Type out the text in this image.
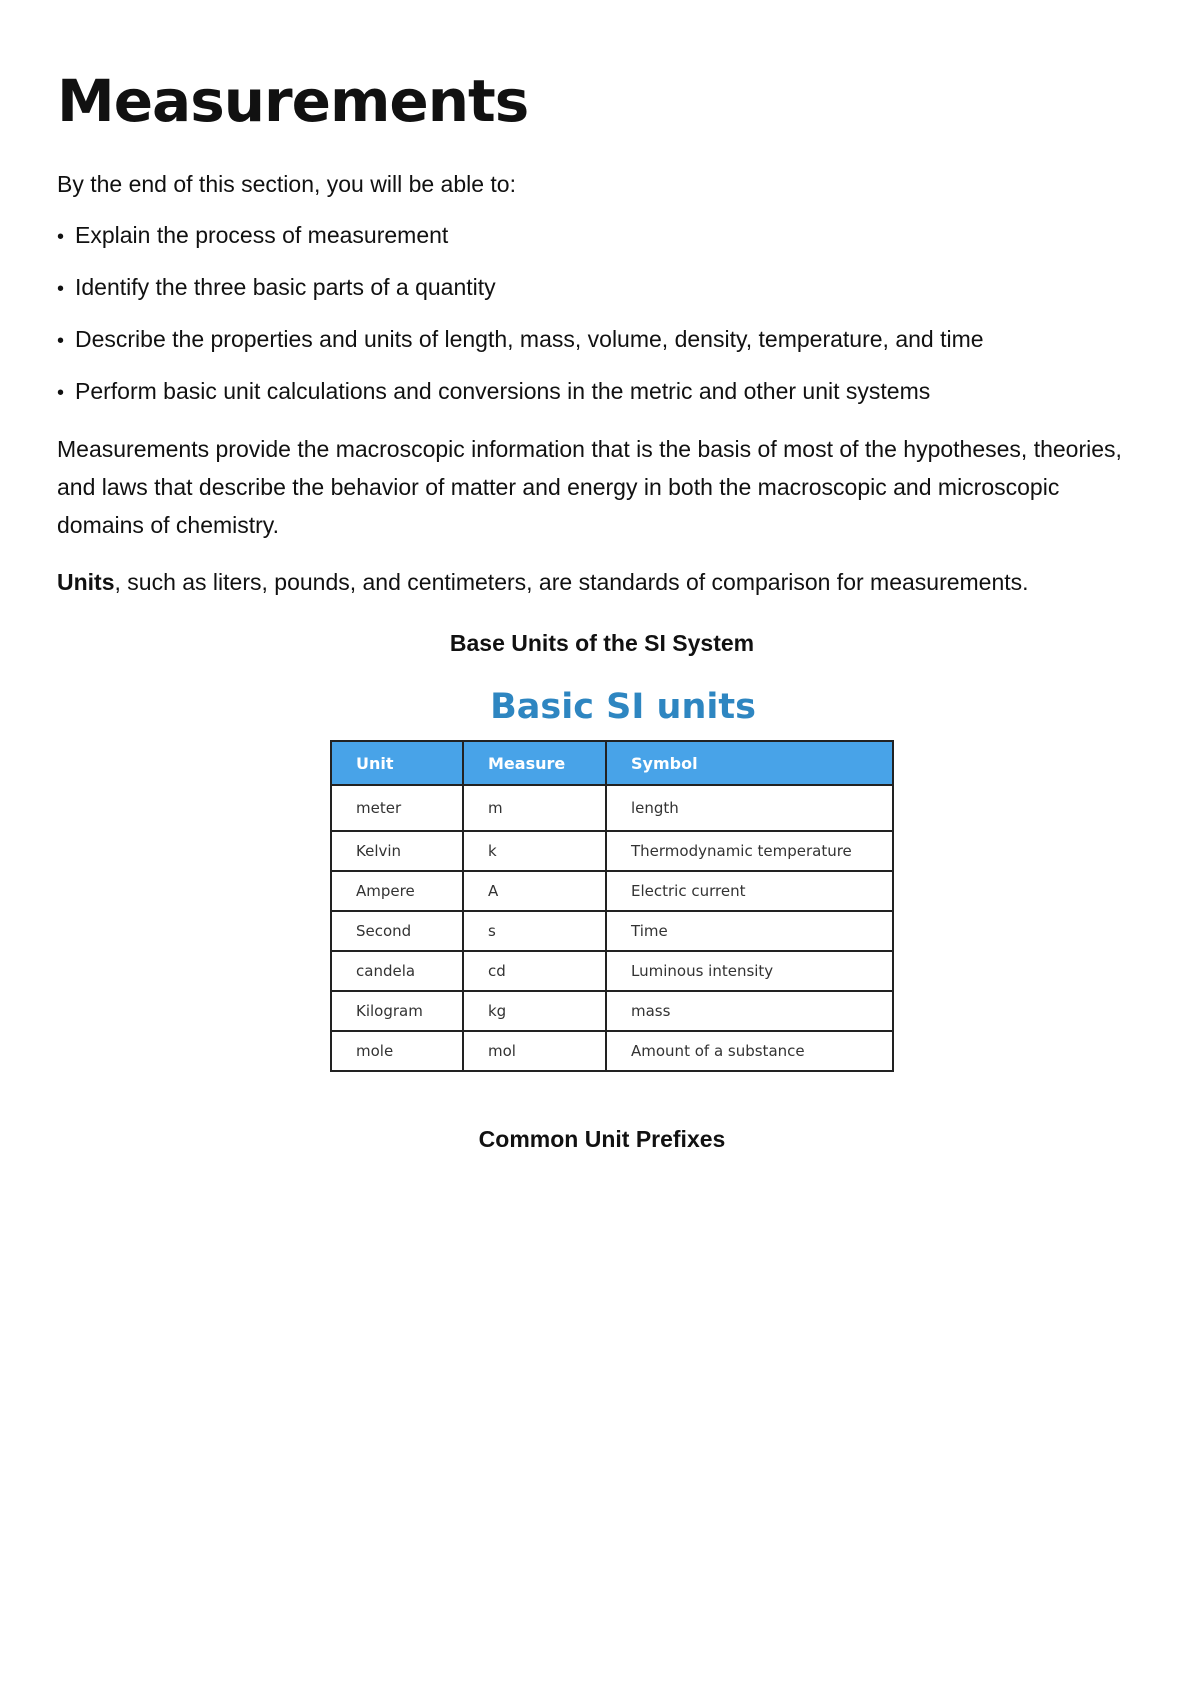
Measurements

By the end of this section, you will be able to:

• Explain the process of measurement
• Identify the three basic parts of a quantity
• Describe the properties and units of length, mass, volume, density, temperature, and time
• Perform basic unit calculations and conversions in the metric and other unit systems

Measurements provide the macroscopic information that is the basis of most of the hypotheses, theories, and laws that describe the behavior of matter and energy in both the macroscopic and microscopic domains of chemistry.

Units, such as liters, pounds, and centimeters, are standards of comparison for measurements.

Base Units of the SI System

Basic SI units
Unit	Measure	Symbol
meter	m	length
Kelvin	k	Thermodynamic temperature
Ampere	A	Electric current
Second	s	Time
candela	cd	Luminous intensity
Kilogram	kg	mass
mole	mol	Amount of a substance

Common Unit Prefixes
